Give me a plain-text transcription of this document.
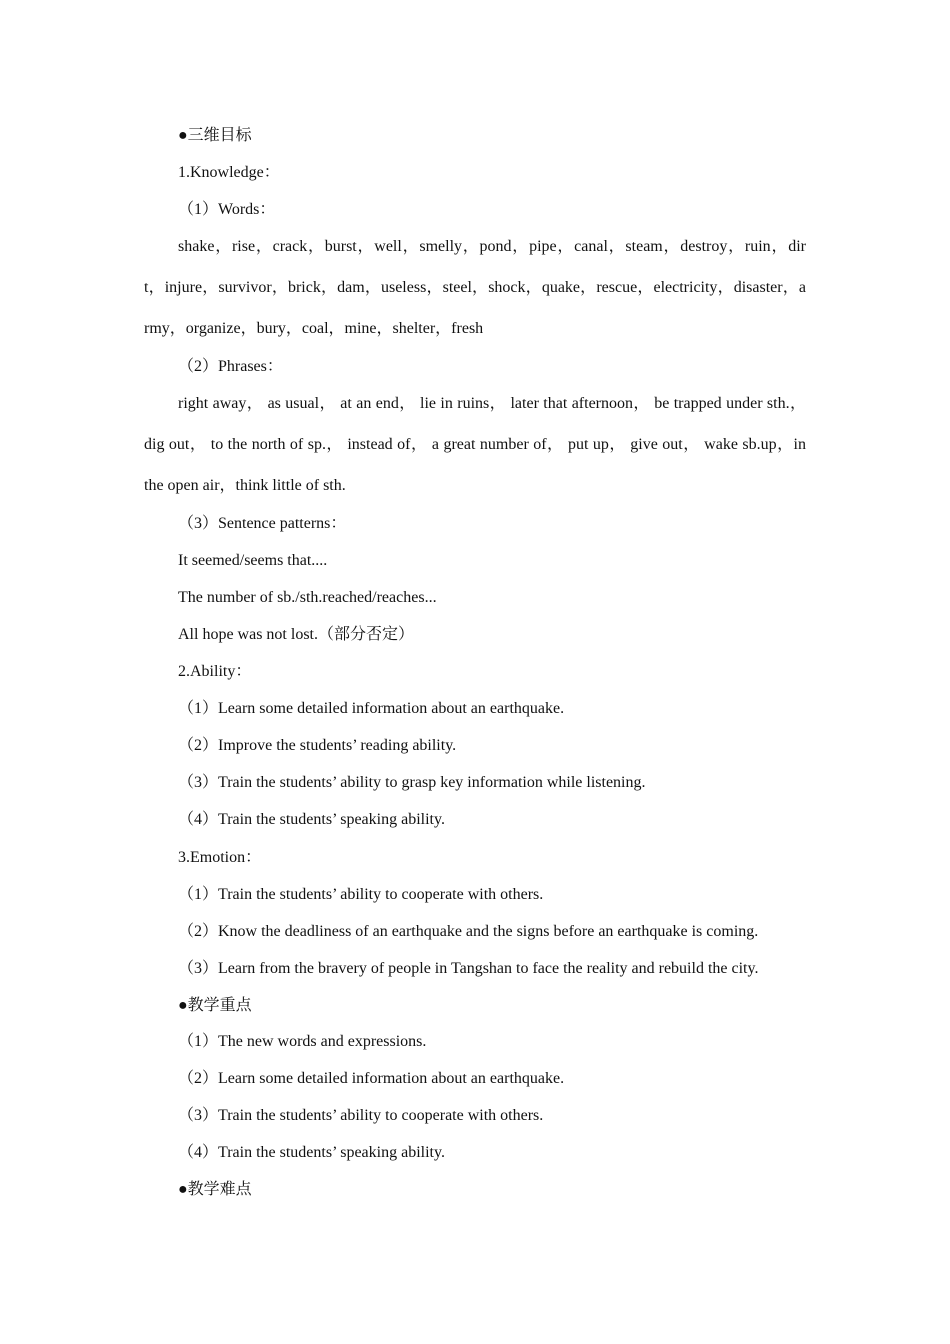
●三维目标
1.Knowledge：
（1）Words：
shake，rise，crack，burst，well，smelly，pond，pipe，canal，steam，destroy，ruin，dirt，injure，survivor，brick，dam，useless，steel，shock，quake，rescue，electricity，disaster，army，organize，bury，coal，mine，shelter，fresh
（2）Phrases：
right away， as usual， at an end， lie in ruins， later that afternoon， be trapped under sth.， dig out， to the north of sp.， instead of， a great number of， put up， give out， wake sb.up，in the open air，think little of sth.
（3）Sentence patterns：
It seemed/seems that....
The number of sb./sth.reached/reaches...
All hope was not lost.（部分否定）
2.Ability：
（1）Learn some detailed information about an earthquake.
（2）Improve the students’ reading ability.
（3）Train the students’ ability to grasp key information while listening.
（4）Train the students’ speaking ability.
3.Emotion：
（1）Train the students’ ability to cooperate with others.
（2）Know the deadliness of an earthquake and the signs before an earthquake is coming.
（3）Learn from the bravery of people in Tangshan to face the reality and rebuild the city.
●教学重点
（1）The new words and expressions.
（2）Learn some detailed information about an earthquake.
（3）Train the students’ ability to cooperate with others.
（4）Train the students’ speaking ability.
●教学难点
